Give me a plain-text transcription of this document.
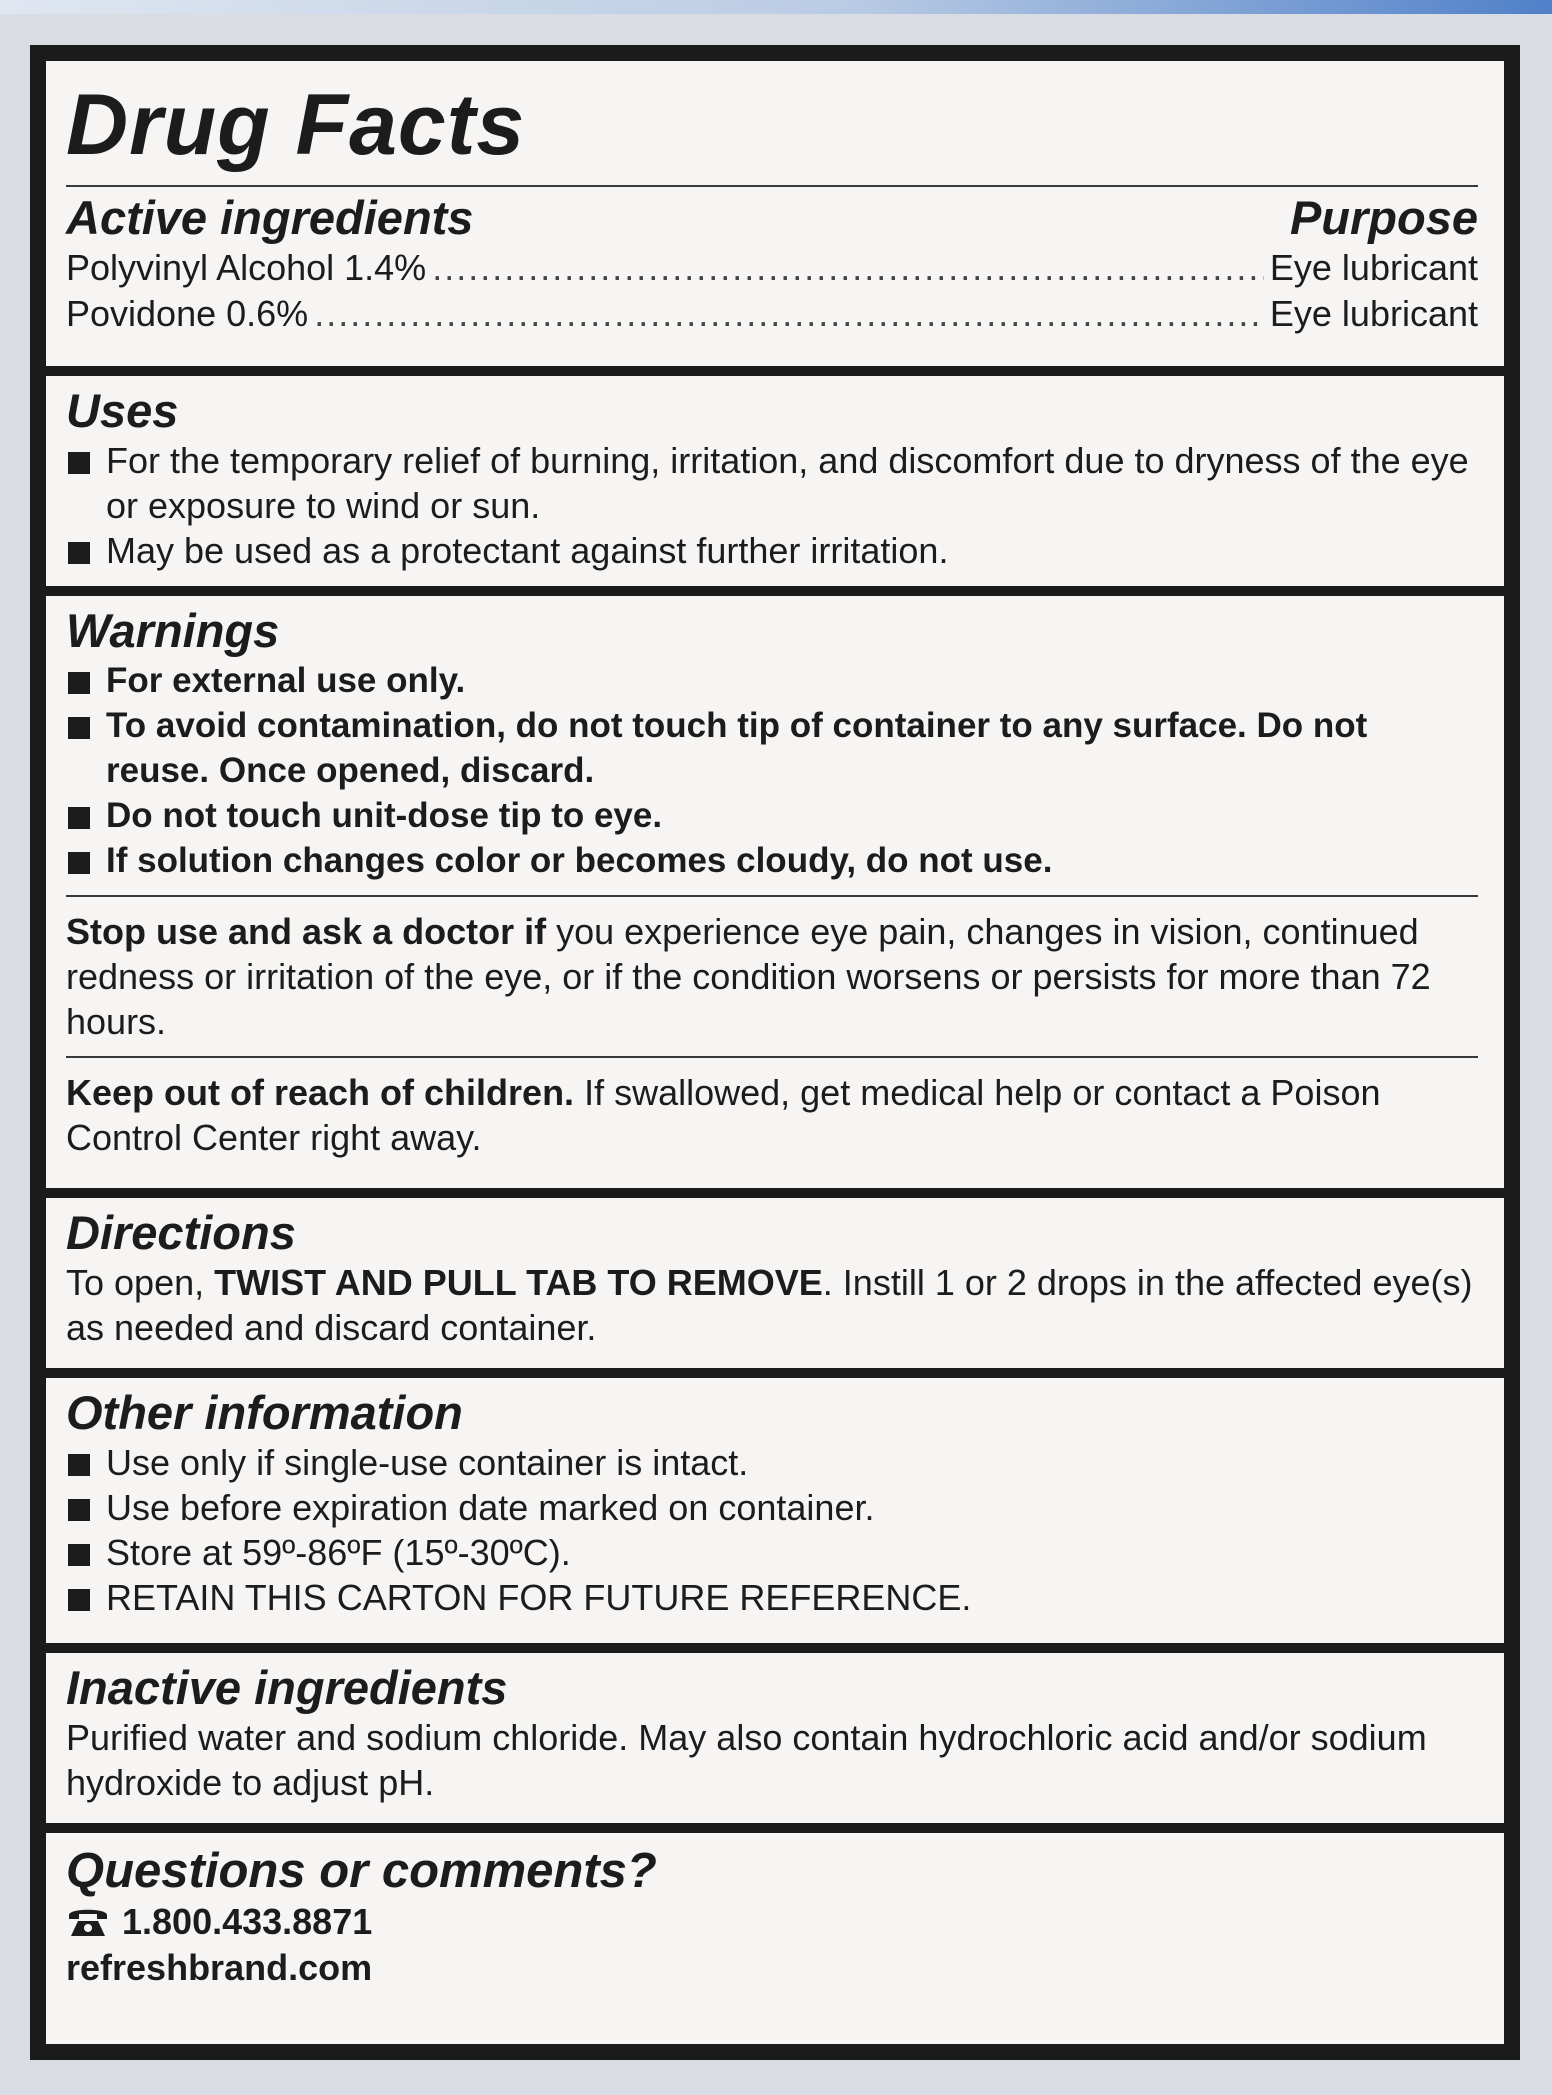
Drug Facts
Active ingredients	Purpose
Polyvinyl Alcohol 1.4% .....	Eye lubricant
Povidone 0.6% .....	Eye lubricant
Uses
For the temporary relief of burning, irritation, and discomfort due to dryness of the eye or exposure to wind or sun.
May be used as a protectant against further irritation.
Warnings
For external use only.
To avoid contamination, do not touch tip of container to any surface. Do not reuse. Once opened, discard.
Do not touch unit-dose tip to eye.
If solution changes color or becomes cloudy, do not use.

Stop use and ask a doctor if you experience eye pain, changes in vision, continued redness or irritation of the eye, or if the condition worsens or persists for more than 72 hours.

Keep out of reach of children. If swallowed, get medical help or contact a Poison Control Center right away.

Directions

To open, TWIST AND PULL TAB TO REMOVE. Instill 1 or 2 drops in the affected eye(s) as needed and discard container.

Other information
Use only if single-use container is intact.
Use before expiration date marked on container.
Store at 59º-86ºF (15º-30ºC).
RETAIN THIS CARTON FOR FUTURE REFERENCE.
Inactive ingredients

Purified water and sodium chloride. May also contain hydrochloric acid and/or sodium hydroxide to adjust pH.

Questions or comments?
1.800.433.8871
refreshbrand.com
